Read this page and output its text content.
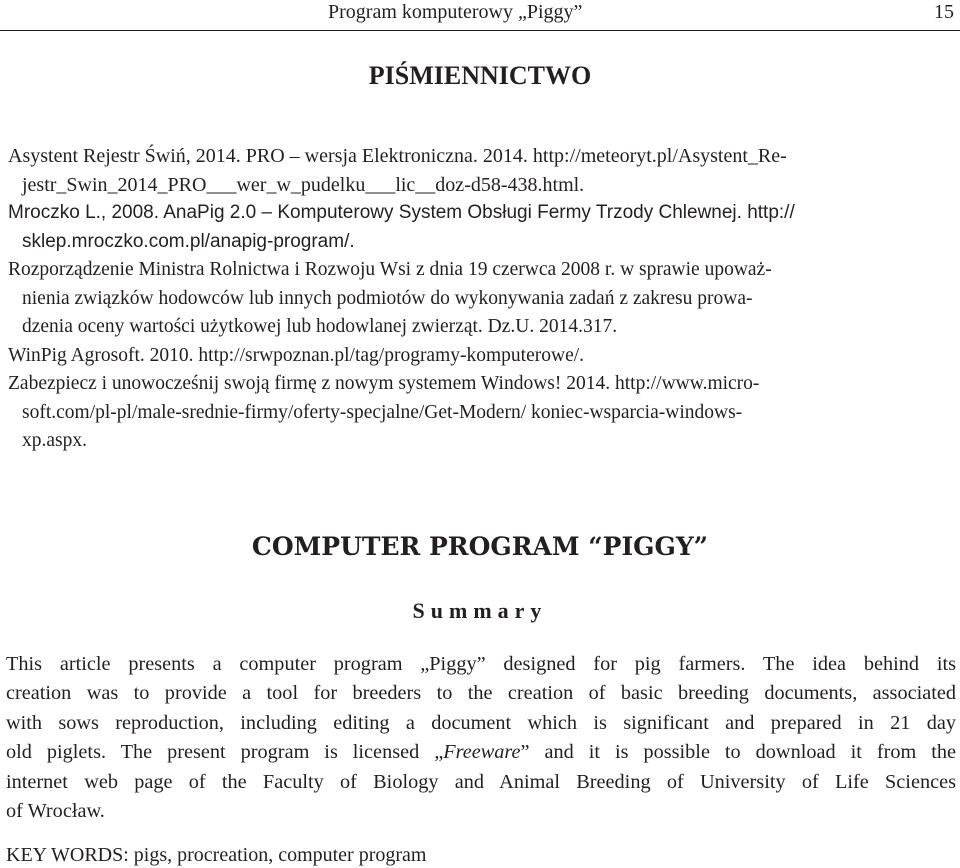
Program komputerowy „Piggy”	15
PIŚMIENNICTWO
Asystent Rejestr Świń, 2014. PRO – wersja Elektroniczna. 2014. http://meteoryt.pl/Asystent_Re-
jestr_Swin_2014_PRO___wer_w_pudelku___lic__doz-d58-438.html.
Mroczko L., 2008. AnaPig 2.0 – Komputerowy System Obsługi Fermy Trzody Chlewnej. http://
sklep.mroczko.com.pl/anapig-program/.
Rozporządzenie Ministra Rolnictwa i Rozwoju Wsi z dnia 19 czerwca 2008 r. w sprawie upoważ-
nienia związków hodowców lub innych podmiotów do wykonywania zadań z zakresu prowa-
dzenia oceny wartości użytkowej lub hodowlanej zwierząt. Dz.U. 2014.317.
WinPig Agrosoft. 2010. http://srwpoznan.pl/tag/programy-komputerowe/.
Zabezpiecz i unowocześnij swoją firmę z nowym systemem Windows! 2014. http://www.micro-
soft.com/pl-pl/male-srednie-firmy/oferty-specjalne/Get-Modern/ koniec-wsparcia-windows-
xp.aspx.
COMPUTER PROGRAM “PIGGY”
Summary
This article presents a computer program „Piggy” designed for pig farmers. The idea behind its
creation was to provide a tool for breeders to the creation of basic breeding documents, associated
with sows reproduction, including editing a document which is significant and prepared in 21 day
old piglets. The present program is licensed „Freeware” and it is possible to download it from the
internet web page of the Faculty of Biology and Animal Breeding of University of Life Sciences
of Wrocław.
KEY WORDS: pigs, procreation, computer program
